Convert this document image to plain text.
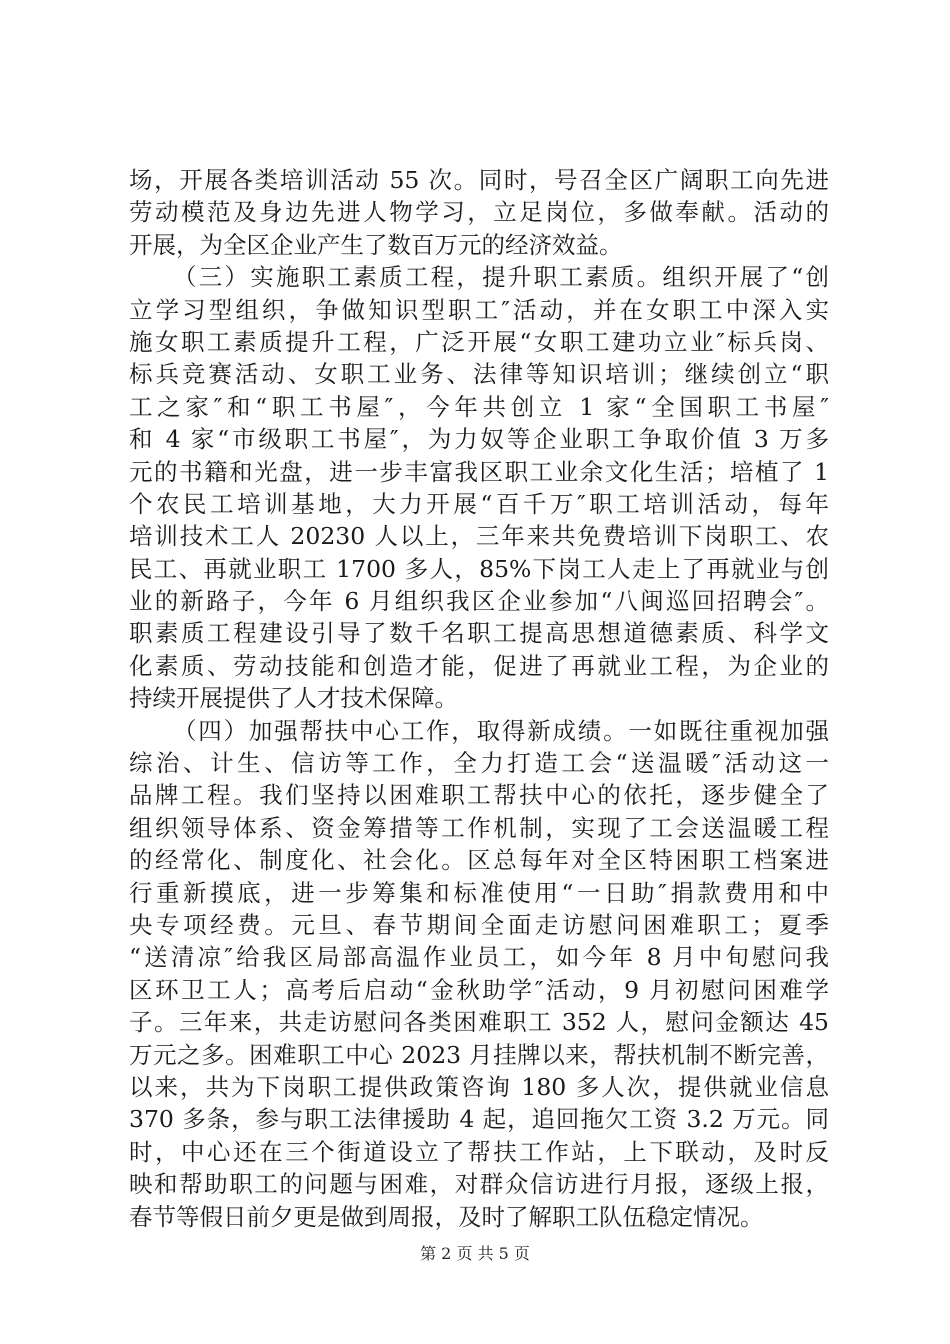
场，开展各类培训活动 55 次。同时，号召全区广阔职工向先进
劳动模范及身边先进人物学习，立足岗位，多做奉献。活动的
开展，为全区企业产生了数百万元的经济效益。
（三）实施职工素质工程，提升职工素质。组织开展了“创
立学习型组织，争做知识型职工″活动，并在女职工中深入实
施女职工素质提升工程，广泛开展“女职工建功立业″标兵岗、
标兵竞赛活动、女职工业务、法律等知识培训；继续创立“职
工之家″和“职工书屋″，今年共创立 1 家“全国职工书屋″
和 4 家“市级职工书屋″，为力奴等企业职工争取价值 3 万多
元的书籍和光盘，进一步丰富我区职工业余文化生活；培植了 1
个农民工培训基地，大力开展“百千万″职工培训活动，每年
培训技术工人 20230 人以上，三年来共免费培训下岗职工、农
民工、再就业职工 1700 多人，85%下岗工人走上了再就业与创
业的新路子，今年 6 月组织我区企业参加“八闽巡回招聘会″。
职素质工程建设引导了数千名职工提高思想道德素质、科学文
化素质、劳动技能和创造才能，促进了再就业工程，为企业的
持续开展提供了人才技术保障。
（四）加强帮扶中心工作，取得新成绩。一如既往重视加强
综治、计生、信访等工作，全力打造工会“送温暖″活动这一
品牌工程。我们坚持以困难职工帮扶中心的依托，逐步健全了
组织领导体系、资金筹措等工作机制，实现了工会送温暖工程
的经常化、制度化、社会化。区总每年对全区特困职工档案进
行重新摸底，进一步筹集和标准使用“一日助″捐款费用和中
央专项经费。元旦、春节期间全面走访慰问困难职工；夏季
“送清凉″给我区局部高温作业员工，如今年 8 月中旬慰问我
区环卫工人；高考后启动“金秋助学″活动，9 月初慰问困难学
子。三年来，共走访慰问各类困难职工 352 人，慰问金额达 45
万元之多。困难职工中心 2023 月挂牌以来，帮扶机制不断完善，
以来，共为下岗职工提供政策咨询 180 多人次，提供就业信息
370 多条，参与职工法律援助 4 起，追回拖欠工资 3.2 万元。同
时，中心还在三个街道设立了帮扶工作站，上下联动，及时反
映和帮助职工的问题与困难，对群众信访进行月报，逐级上报，
春节等假日前夕更是做到周报，及时了解职工队伍稳定情况。
第 2 页 共 5 页
